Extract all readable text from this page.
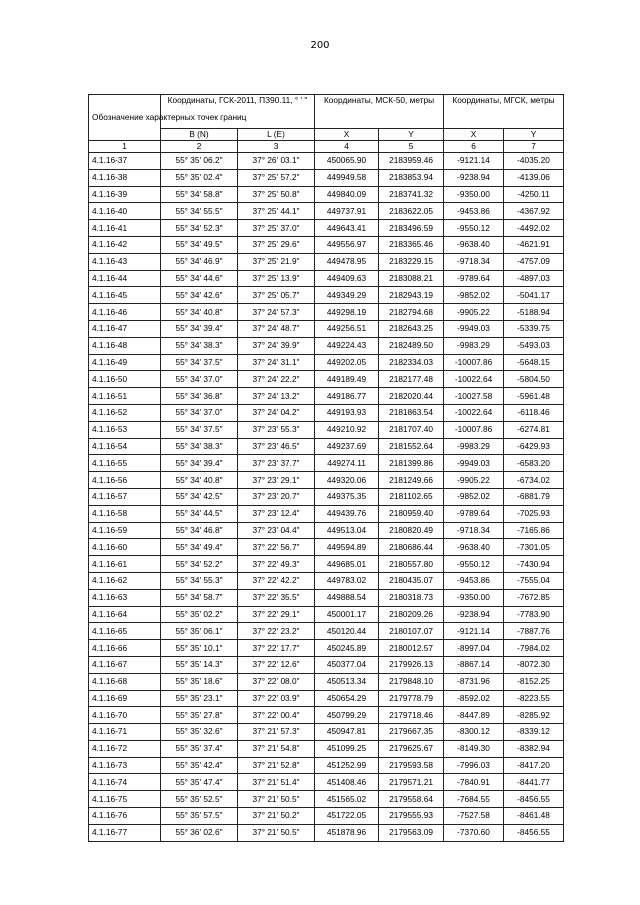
200
Обозначение характерных точек границ	Координаты, ГСК-2011, ПЗ90.11, ° ' "		Координаты, МСК-50, метры		Координаты, МГСК, метры	
	B (N)	L (E)	X	Y	X	Y
1	2	3	4	5	6	7
4.1.16-37	55° 35' 06.2"	37° 26' 03.1"	450065.90	2183959.46	-9121.14	-4035.20
4.1.16-38	55° 35' 02.4"	37° 25' 57.2"	449949.58	2183853.94	-9238.94	-4139.06
4.1.16-39	55° 34' 58.8"	37° 25' 50.8"	449840.09	2183741.32	-9350.00	-4250.11
4.1.16-40	55° 34' 55.5"	37° 25' 44.1"	449737.91	2183622.05	-9453.86	-4367.92
4.1.16-41	55° 34' 52.3"	37° 25' 37.0"	449643.41	2183496.59	-9550.12	-4492.02
4.1.16-42	55° 34' 49.5"	37° 25' 29.6"	449556.97	2183365.46	-9638.40	-4621.91
4.1.16-43	55° 34' 46.9"	37° 25' 21.9"	449478.95	2183229.15	-9718.34	-4757.09
4.1.16-44	55° 34' 44.6"	37° 25' 13.9"	449409.63	2183088.21	-9789.64	-4897.03
4.1.16-45	55° 34' 42.6"	37° 25' 05.7"	449349.29	2182943.19	-9852.02	-5041.17
4.1.16-46	55° 34' 40.8"	37° 24' 57.3"	449298.19	2182794.68	-9905.22	-5188.94
4.1.16-47	55° 34' 39.4"	37° 24' 48.7"	449256.51	2182643.25	-9949.03	-5339.75
4.1.16-48	55° 34' 38.3"	37° 24' 39.9"	449224.43	2182489.50	-9983.29	-5493.03
4.1.16-49	55° 34' 37.5"	37° 24' 31.1"	449202.05	2182334.03	-10007.86	-5648.15
4.1.16-50	55° 34' 37.0"	37° 24' 22.2"	449189.49	2182177.48	-10022.64	-5804.50
4.1.16-51	55° 34' 36.8"	37° 24' 13.2"	449186.77	2182020.44	-10027.58	-5961.48
4.1.16-52	55° 34' 37.0"	37° 24' 04.2"	449193.93	2181863.54	-10022.64	-6118.46
4.1.16-53	55° 34' 37.5"	37° 23' 55.3"	449210.92	2181707.40	-10007.86	-6274.81
4.1.16-54	55° 34' 38.3"	37° 23' 46.5"	449237.69	2181552.64	-9983.29	-6429.93
4.1.16-55	55° 34' 39.4"	37° 23' 37.7"	449274.11	2181399.86	-9949.03	-6583.20
4.1.16-56	55° 34' 40.8"	37° 23' 29.1"	449320.06	2181249.66	-9905.22	-6734.02
4.1.16-57	55° 34' 42.5"	37° 23' 20.7"	449375.35	2181102.65	-9852.02	-6881.79
4.1.16-58	55° 34' 44.5"	37° 23' 12.4"	449439.76	2180959.40	-9789.64	-7025.93
4.1.16-59	55° 34' 46.8"	37° 23' 04.4"	449513.04	2180820.49	-9718.34	-7165.86
4.1.16-60	55° 34' 49.4"	37° 22' 56.7"	449594.89	2180686.44	-9638.40	-7301.05
4.1.16-61	55° 34' 52.2"	37° 22' 49.3"	449685.01	2180557.80	-9550.12	-7430.94
4.1.16-62	55° 34' 55.3"	37° 22' 42.2"	449783.02	2180435.07	-9453.86	-7555.04
4.1.16-63	55° 34' 58.7"	37° 22' 35.5"	449888.54	2180318.73	-9350.00	-7672.85
4.1.16-64	55° 35' 02.2"	37° 22' 29.1"	450001.17	2180209.26	-9238.94	-7783.90
4.1.16-65	55° 35' 06.1"	37° 22' 23.2"	450120.44	2180107.07	-9121.14	-7887.76
4.1.16-66	55° 35' 10.1"	37° 22' 17.7"	450245.89	2180012.57	-8997.04	-7984.02
4.1.16-67	55° 35' 14.3"	37° 22' 12.6"	450377.04	2179926.13	-8867.14	-8072.30
4.1.16-68	55° 35' 18.6"	37° 22' 08.0"	450513.34	2179848.10	-8731.96	-8152.25
4.1.16-69	55° 35' 23.1"	37° 22' 03.9"	450654.29	2179778.79	-8592.02	-8223.55
4.1.16-70	55° 35' 27.8"	37° 22' 00.4"	450799.29	2179718.46	-8447.89	-8285.92
4.1.16-71	55° 35' 32.6"	37° 21' 57.3"	450947.81	2179667.35	-8300.12	-8339.12
4.1.16-72	55° 35' 37.4"	37° 21' 54.8"	451099.25	2179625.67	-8149.30	-8382.94
4.1.16-73	55° 35' 42.4"	37° 21' 52.8"	451252.99	2179593.58	-7996.03	-8417.20
4.1.16-74	55° 35' 47.4"	37° 21' 51.4"	451408.46	2179571.21	-7840.91	-8441.77
4.1.16-75	55° 35' 52.5"	37° 21' 50.5"	451565.02	2179558.64	-7684.55	-8456.55
4.1.16-76	55° 35' 57.5"	37° 21' 50.2"	451722.05	2179555.93	-7527.58	-8461.48
4.1.16-77	55° 36' 02.6"	37° 21' 50.5"	451878.96	2179563.09	-7370.60	-8456.55
